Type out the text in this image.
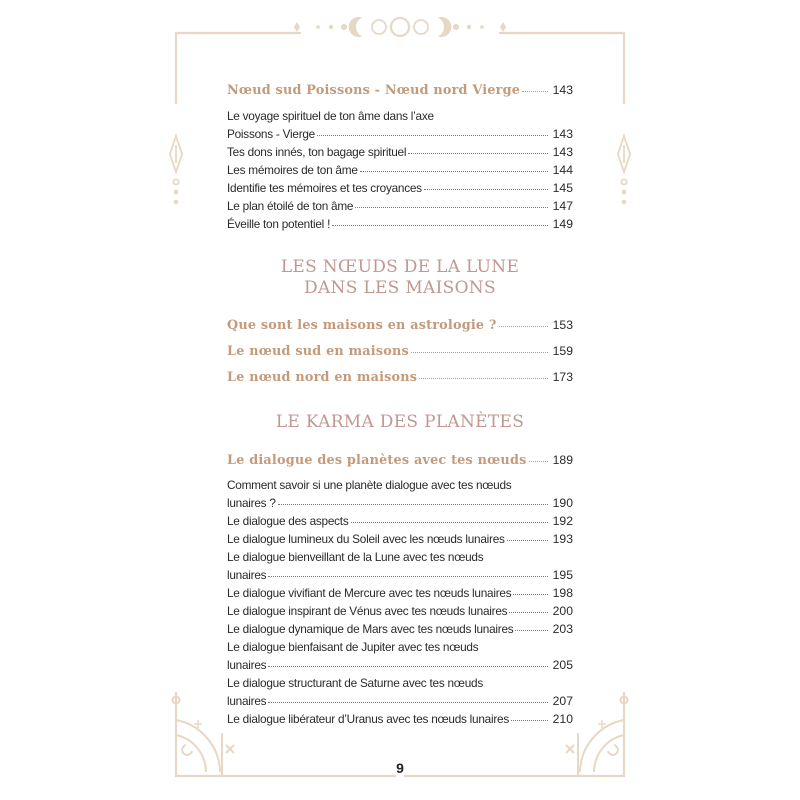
Nœud sud Poissons - Nœud nord Vierge	143
Le voyage spirituel de ton âme dans l’axe
Poissons - Vierge	143
Tes dons innés, ton bagage spirituel	143
Les mémoires de ton âme	144
Identifie tes mémoires et tes croyances	145
Le plan étoilé de ton âme	147
Éveille ton potentiel !	149
LES NŒUDS DE LA LUNE
DANS LES MAISONS
Que sont les maisons en astrologie ?	153
Le nœud sud en maisons	159
Le nœud nord en maisons	173
LE KARMA DES PLANÈTES
Le dialogue des planètes avec tes nœuds 189
Comment savoir si une planète dialogue avec tes nœuds
lunaires ?	190
Le dialogue des aspects	192
Le dialogue lumineux du Soleil avec les nœuds lunaires	193
Le dialogue bienveillant de la Lune avec tes nœuds
lunaires	195
Le dialogue vivifiant de Mercure avec tes nœuds lunaires	198
Le dialogue inspirant de Vénus avec tes nœuds lunaires	200
Le dialogue dynamique de Mars avec tes nœuds lunaires	203
Le dialogue bienfaisant de Jupiter avec tes nœuds
lunaires	205
Le dialogue structurant de Saturne avec tes nœuds
lunaires	207
Le dialogue libérateur d’Uranus avec tes nœuds lunaires	210
9
